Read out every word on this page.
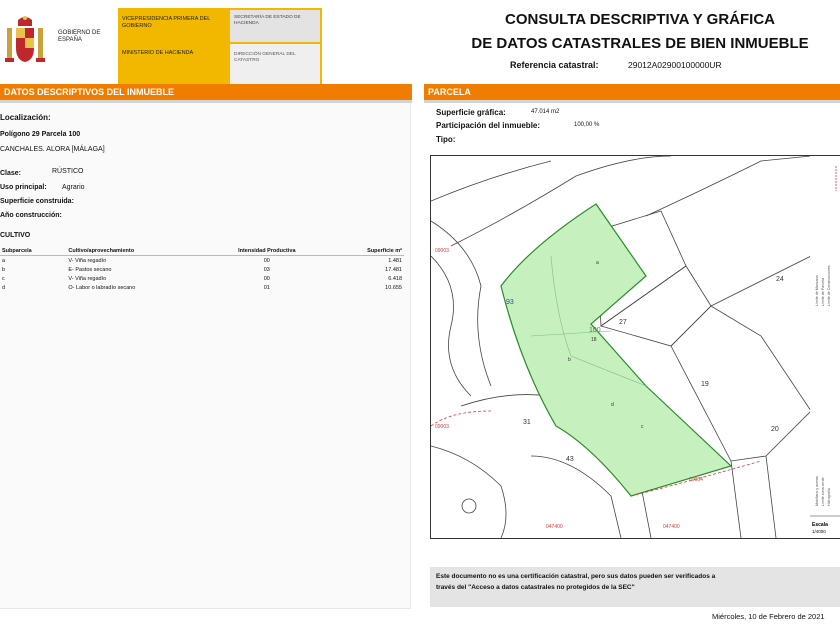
GOBIERNO DE ESPAÑA
VICEPRESIDENCIA PRIMERA DEL GOBIERNO
MINISTERIO DE HACIENDA
SECRETARÍA DE ESTADO DE HACIENDA
DIRECCIÓN GENERAL DEL CATASTRO
CONSULTA DESCRIPTIVA Y GRÁFICA
DE DATOS CATASTRALES DE BIEN INMUEBLE
Referencia catastral:	29012A02900100000UR
DATOS DESCRIPTIVOS DEL INMUEBLE	PARCELA
Localización:
Polígono 29 Parcela 100
CANCHALES. ALORA [MÁLAGA]
Clase:	RÚSTICO
Uso principal: Agrario
Superficie construida:
Año construcción:
CULTIVO
Subparcela	Cultivo/aprovechamiento	Intensidad Productiva	Superficie m²
a	V- Viña regadío	00	1.481
b	E- Pastos secano	03	17.481
c	V- Viña regadío	00	6.418
d	O- Labor o labradío secano	01	10.655
Superficie gráfica:	47.014 m2
Participación del inmueble:	100,00 %
Tipo:
100
27
24
19
20
31
43
18
93
a
b
c
d
09003
09003
09004
047400	047400
Límite de Manzana Límite de Parcela Límite de Construcciones
Mobiliario y aceras Límite zona verde Hidrografía
Escala
1/4000
Este documento no es una certificación catastral, pero sus datos pueden ser verificados a
través del "Acceso a datos catastrales no protegidos de la SEC"
Miércoles, 10 de Febrero de 2021
